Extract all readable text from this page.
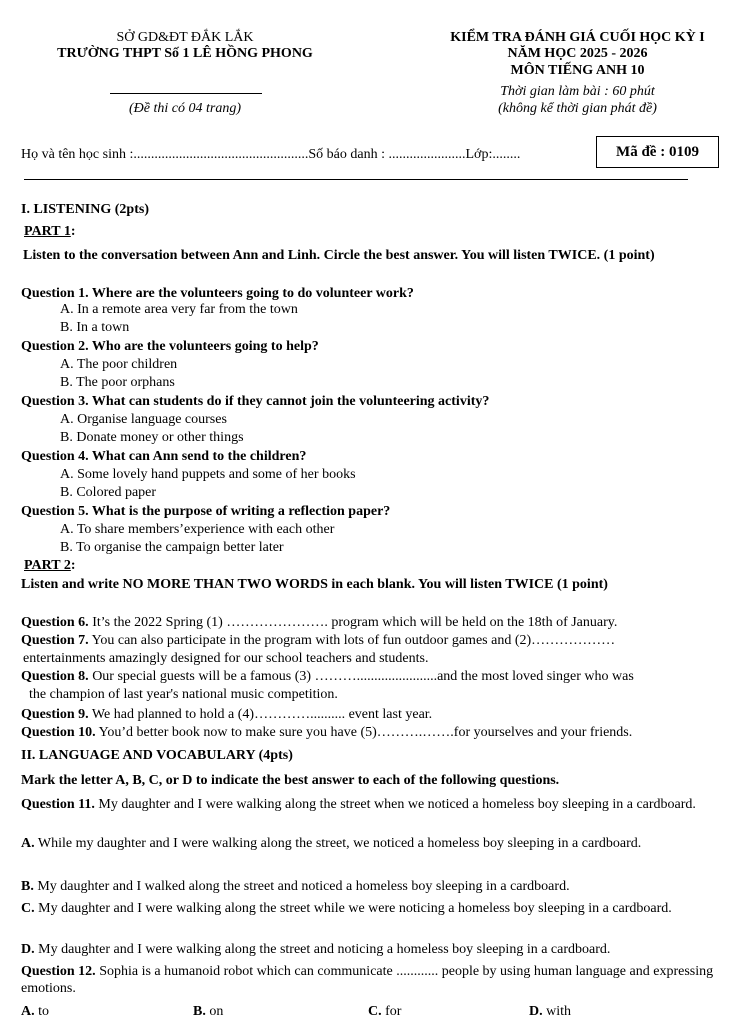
SỞ GD&ĐT ĐẮK LẮK
TRƯỜNG THPT Số 1 LÊ HỒNG PHONG
(Đề thi có 04 trang)
KIỂM TRA ĐÁNH GIÁ CUỐI HỌC KỲ I
NĂM HỌC 2025 - 2026
MÔN TIẾNG ANH 10
Thời gian làm bài : 60 phút
(không kể thời gian phát đề)
Họ và tên học sinh :..................................................Số báo danh : ......................Lớp:........	Mã đề : 0109
I. LISTENING (2pts)
PART 1:
Listen to the conversation between Ann and Linh. Circle the best answer. You will listen TWICE. (1 point)
Question 1. Where are the volunteers going to do volunteer work?
A. In a remote area very far from the town
B. In a town
Question 2. Who are the volunteers going to help?
A. The poor children
B. The poor orphans
Question 3. What can students do if they cannot join the volunteering activity?
A. Organise language courses
B. Donate money or other things
Question 4. What can Ann send to the children?
A. Some lovely hand puppets and some of her books
B. Colored paper
Question 5. What is the purpose of writing a reflection paper?
A. To share members’experience with each other
B. To organise the campaign better later
PART 2:
Listen and write NO MORE THAN TWO WORDS in each blank. You will listen TWICE (1 point)
Question 6. It’s the 2022 Spring (1) …………………. program which will be held on the 18th of January.
Question 7. You can also participate in the program with lots of fun outdoor games and (2)………………
entertainments amazingly designed for our school teachers and students.
Question 8. Our special guests will be a famous (3) ……….......................and the most loved singer who was
the champion of last year's national music competition.
Question 9. We had planned to hold a (4)………….......... event last year.
Question 10. You’d better book now to make sure you have (5)……….…….for yourselves and your friends.
II. LANGUAGE AND VOCABULARY (4pts)
Mark the letter A, B, C, or D to indicate the best answer to each of the following questions.
Question 11. My daughter and I were walking along the street when we noticed a homeless boy sleeping in a cardboard.
A. While my daughter and I were walking along the street, we noticed a homeless boy sleeping in a cardboard.
B. My daughter and I walked along the street and noticed a homeless boy sleeping in a cardboard.
C. My daughter and I were walking along the street while we were noticing a homeless boy sleeping in a cardboard.
D. My daughter and I were walking along the street and noticing a homeless boy sleeping in a cardboard.
Question 12. Sophia is a humanoid robot which can communicate ............ people by using human language and expressing emotions.
A. to	B. on	C. for	D. with
